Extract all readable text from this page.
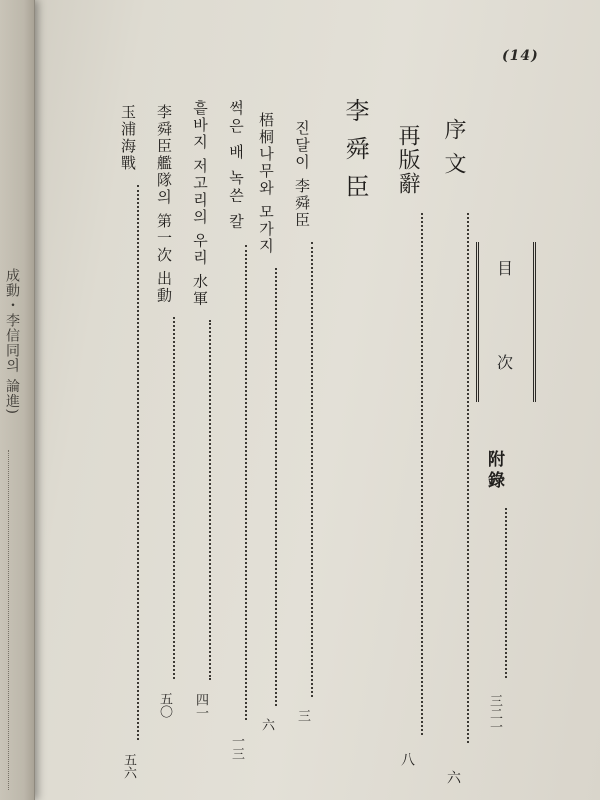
成動・李信同의 論進)
(14)
目
次
附錄  三二一
序文  六
再版辭  八
李舜臣
진달이 李舜臣  三
梧桐나무와 모가지  六
썩은 배 녹쓴 칼  一三
흩바지 저고리의 우리 水軍  四一
李舜臣艦隊의 第一次 出動  五〇
玉浦海戰  五六
